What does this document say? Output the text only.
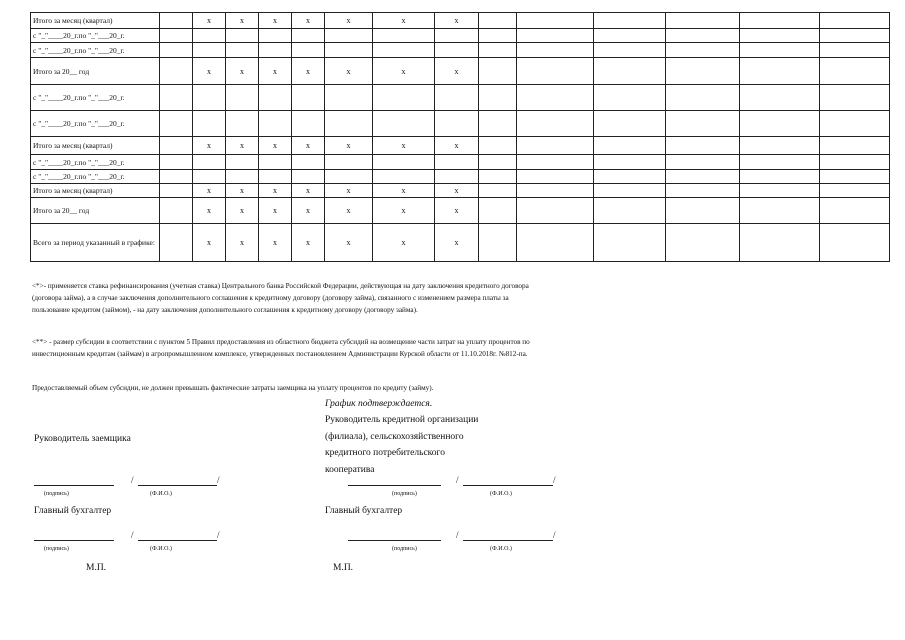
Итого за месяц (квартал)		x	x	x	x	x	x	x						
с "_"____20_г.по "_"___20_г.														
с "_"____20_г.по "_"___20_г.														
Итого за 20__ год		x	x	x	x	x	x	x						
с "_"____20_г.по "_"___20_г.														
с "_"____20_г.по "_"___20_г.														
Итого за месяц (квартал)		x	x	x	x	x	x	x						
с "_"____20_г.по "_"___20_г.														
с "_"____20_г.по "_"___20_г.														
Итого за месяц (квартал)		x	x	x	x	x	x	x						
Итого за 20__ год		x	x	x	x	x	x	x						
Всего за период указанный в графике:		x	x	x	x	x	x	x						

<*>- применяется ставка рефинансирования (учетная ставка) Центрального банка Российской Федерации, действующая на дату заключения кредитного договора

(договора займа), а в случае заключения дополнительного соглашения к кредитному договору (договору займа), связанного с изменением размера платы за

пользование кредитом (займом), - на дату заключения дополнительного соглашения к кредитному договору (договору займа).

<**> - размер субсидии в соответствии с пунктом 5 Правил предоставления из областного бюджета субсидий на возмещение части затрат на уплату процентов по

инвестиционным кредитам (займам) в агропромышленном комплексе, утвержденных постановлением Администрации Курской области от 11.10.2018г. №812-па.

Предоставляемый объем субсидии, не должен превышать фактические затраты заемщика на уплату процентов по кредиту (займу).

График подтверждается.
Руководитель кредитной организации
(филиала), сельскохозяйственного
кредитного потребительского
кооператива
Руководитель заемщика
/	/
(подпись)	(Ф.И.О.)
/	/
(подпись)	(Ф.И.О.)
Главный бухгалтер	Главный бухгалтер
/	/
(подпись)	(Ф.И.О.)
/	/
(подпись)	(Ф.И.О.)
М.П.	М.П.
